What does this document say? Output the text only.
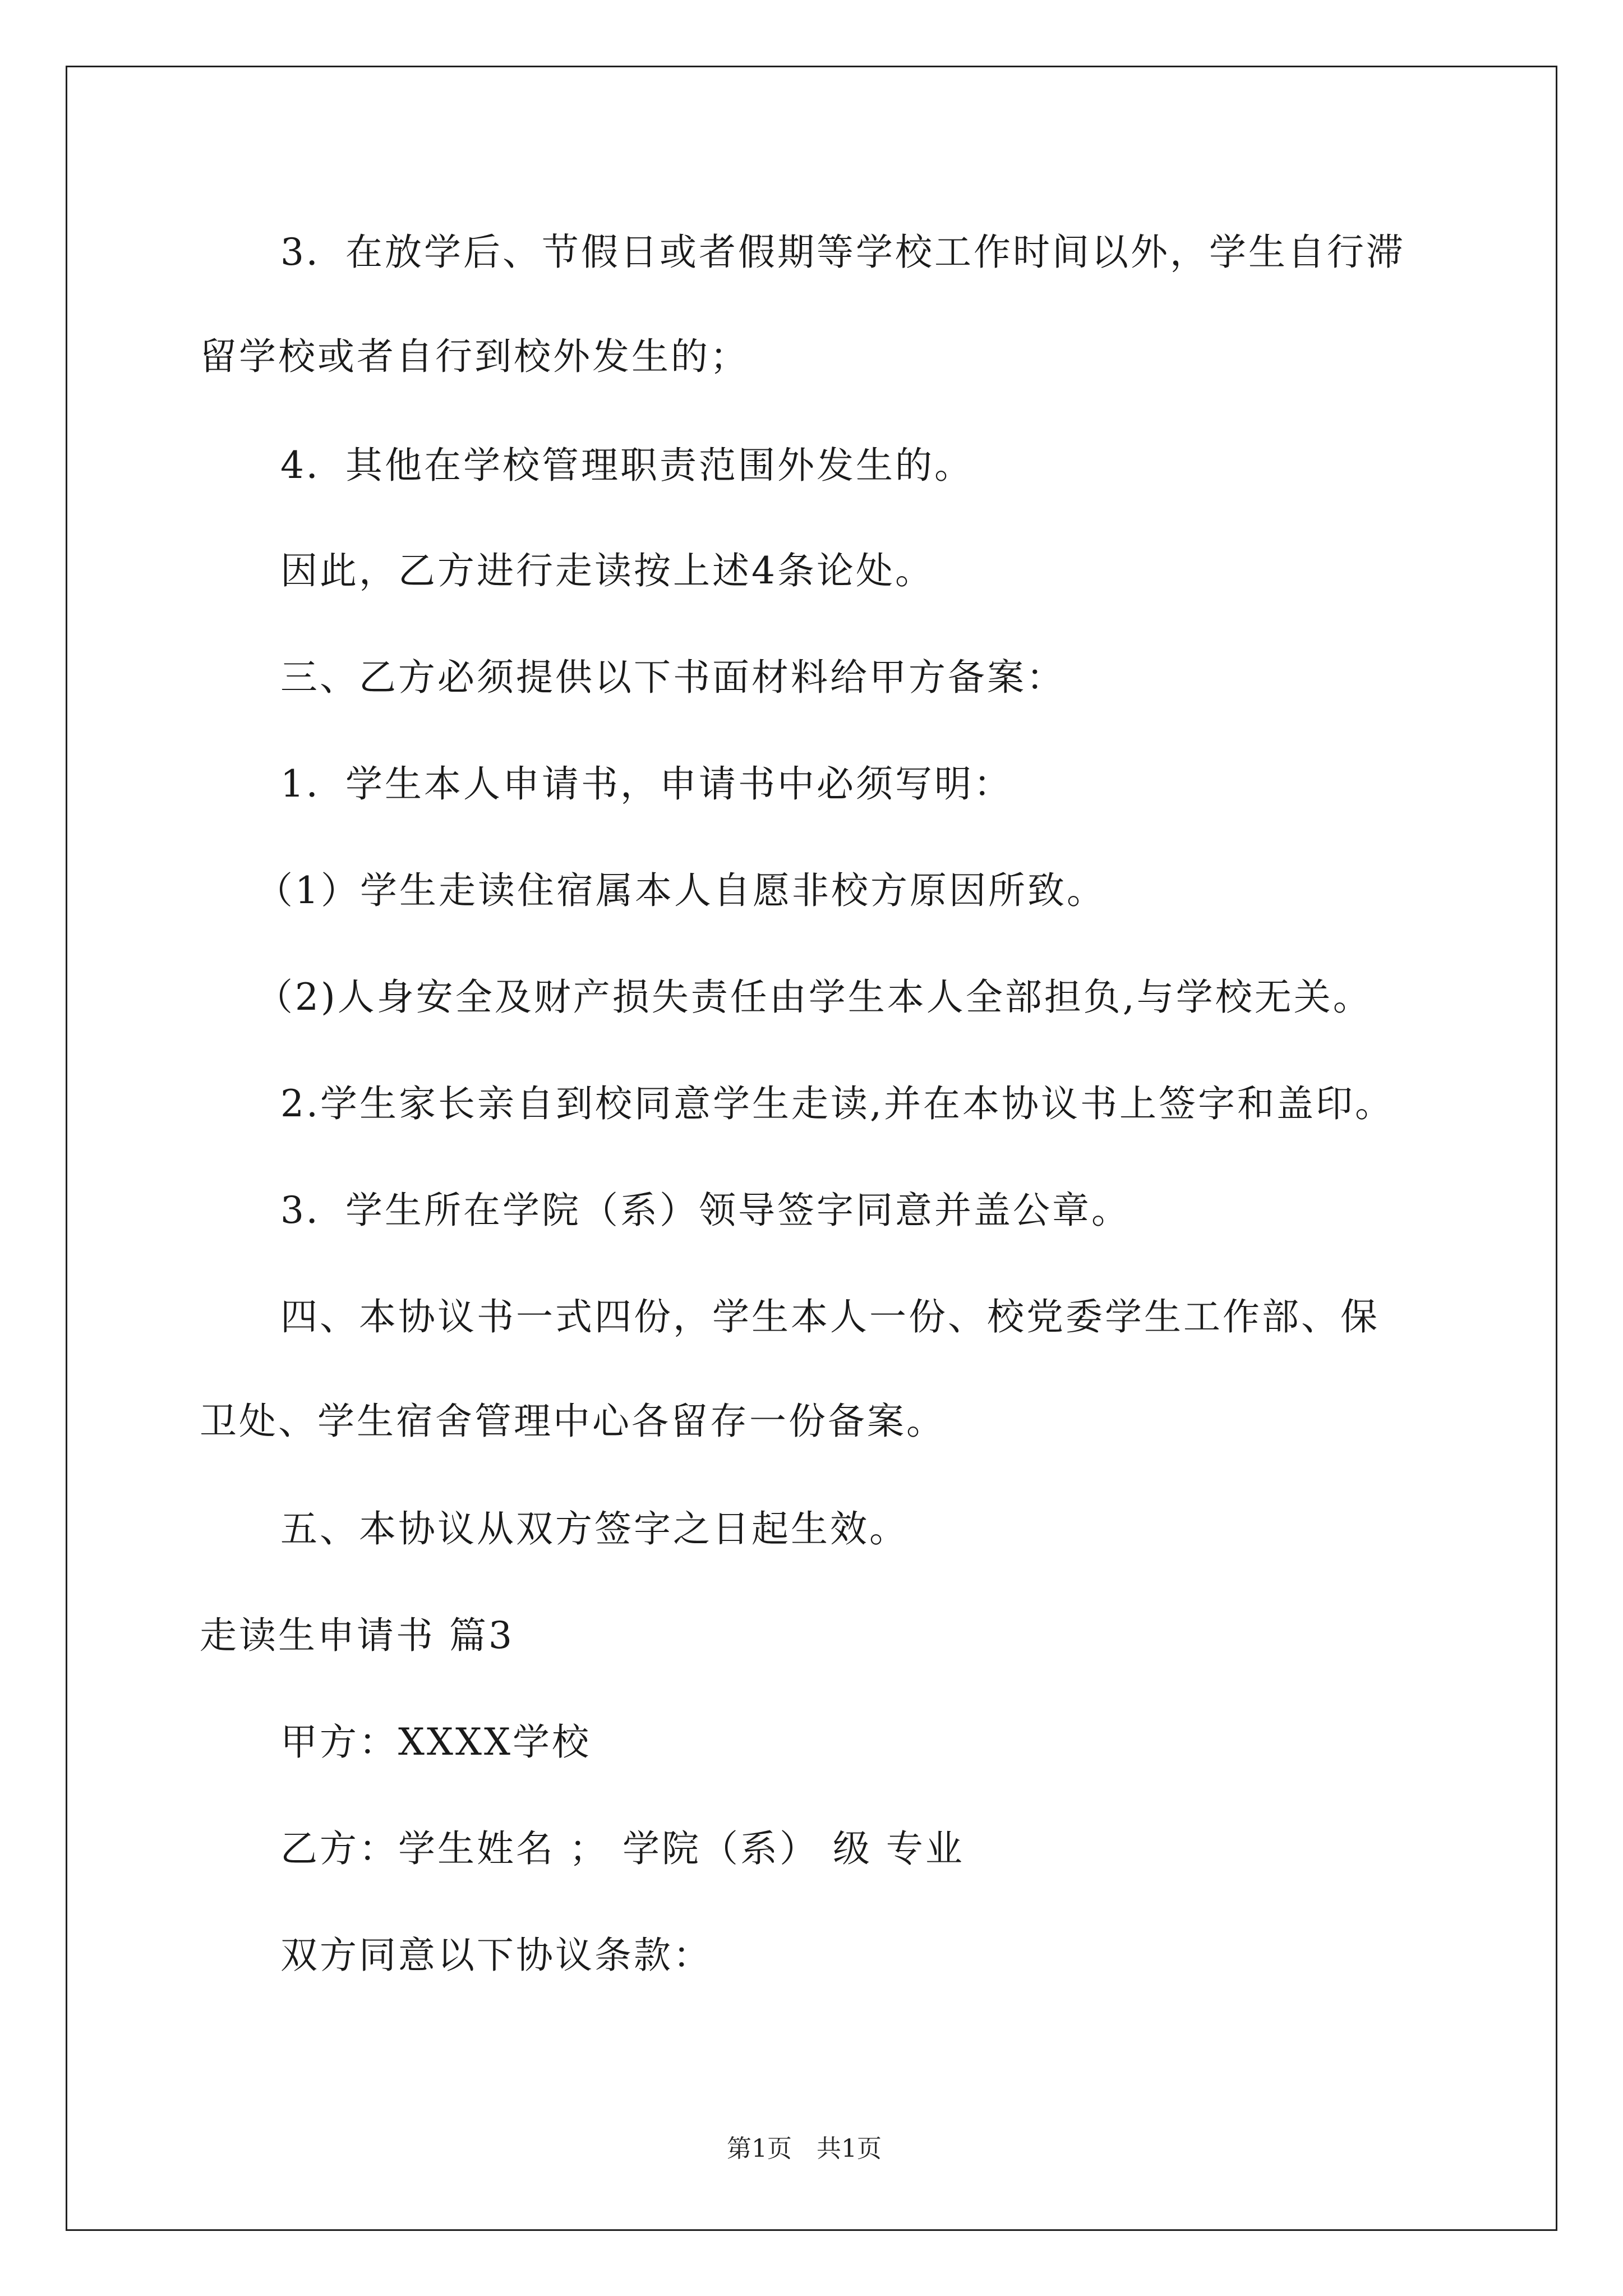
3．在放学后、节假日或者假期等学校工作时间以外，学生自行滞
留学校或者自行到校外发生的；
4．其他在学校管理职责范围外发生的。
因此，乙方进行走读按上述4条论处。
三、乙方必须提供以下书面材料给甲方备案：
1．学生本人申请书，申请书中必须写明：
（1）学生走读住宿属本人自愿非校方原因所致。
（2)人身安全及财产损失责任由学生本人全部担负,与学校无关。
2.学生家长亲自到校同意学生走读,并在本协议书上签字和盖印。
3．学生所在学院（系）领导签字同意并盖公章。
四、本协议书一式四份，学生本人一份、校党委学生工作部、保
卫处、学生宿舍管理中心各留存一份备案。
五、本协议从双方签字之日起生效。
走读生申请书 篇3
甲方：XXXX学校
乙方：学生姓名 ； 学院（系） 级 专业
双方同意以下协议条款：
第1页　共1页
